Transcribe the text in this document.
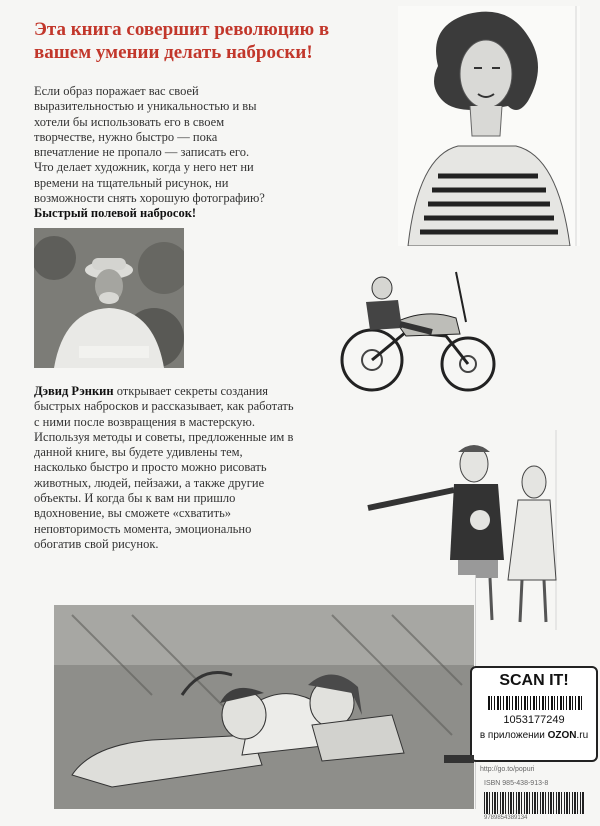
Эта книга совершит революцию в вашем умении делать наброски!
Если образ поражает вас своей выразительностью и уникальностью и вы хотели бы использовать его в своем творчестве, нужно быстро — пока впечатление не пропало — записать его. Что делает художник, когда у него нет ни времени на тщательный рисунок, ни возможности снять хорошую фотографию?
Быстрый полевой набросок!
Дэвид Рэнкин открывает секреты создания быстрых набросков и рассказывает, как работать с ними после возвращения в мастерскую.
Используя методы и советы, предложенные им в данной книге, вы будете удивлены тем, насколько быстро и просто можно рисовать животных, людей, пейзажи, а также другие объекты. И когда бы к вам ни пришло вдохновение, вы сможете «схватить» неповторимость момента, эмоционально обогатив свой рисунок.
SCAN IT!
1053177249
в приложении OZON.ru
http://go.to/popuri
ISBN 985-438-913-8
9789854389134
